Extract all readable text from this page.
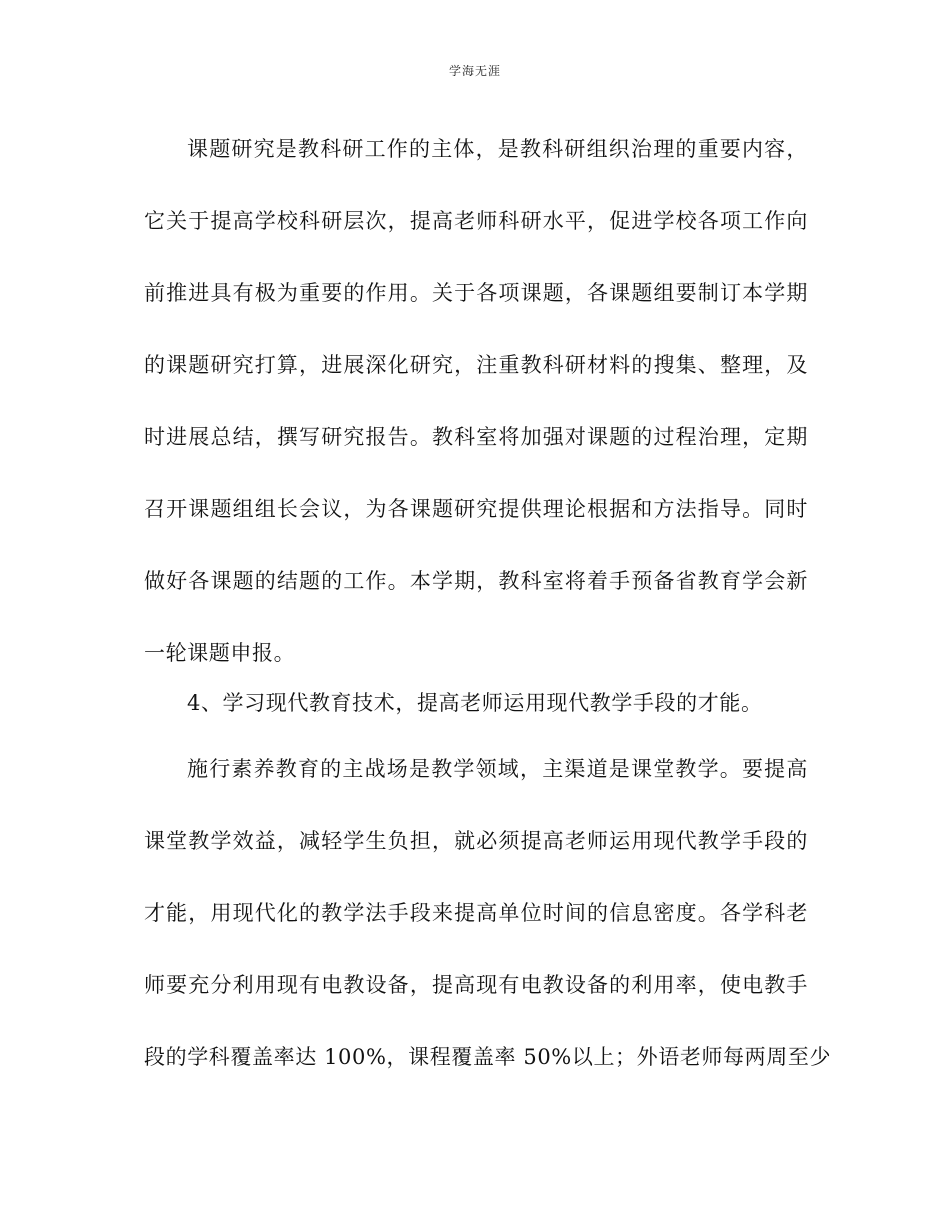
学海无涯
课题研究是教科研工作的主体，是教科研组织治理的重要内容，
它关于提高学校科研层次，提高老师科研水平，促进学校各项工作向
前推进具有极为重要的作用。关于各项课题，各课题组要制订本学期
的课题研究打算，进展深化研究，注重教科研材料的搜集、整理，及
时进展总结，撰写研究报告。教科室将加强对课题的过程治理，定期
召开课题组组长会议，为各课题研究提供理论根据和方法指导。同时
做好各课题的结题的工作。本学期，教科室将着手预备省教育学会新
一轮课题申报。
4、学习现代教育技术，提高老师运用现代教学手段的才能。
施行素养教育的主战场是教学领域，主渠道是课堂教学。要提高
课堂教学效益，减轻学生负担，就必须提高老师运用现代教学手段的
才能，用现代化的教学法手段来提高单位时间的信息密度。各学科老
师要充分利用现有电教设备，提高现有电教设备的利用率，使电教手
段的学科覆盖率达 100%，课程覆盖率 50%以上；外语老师每两周至少
